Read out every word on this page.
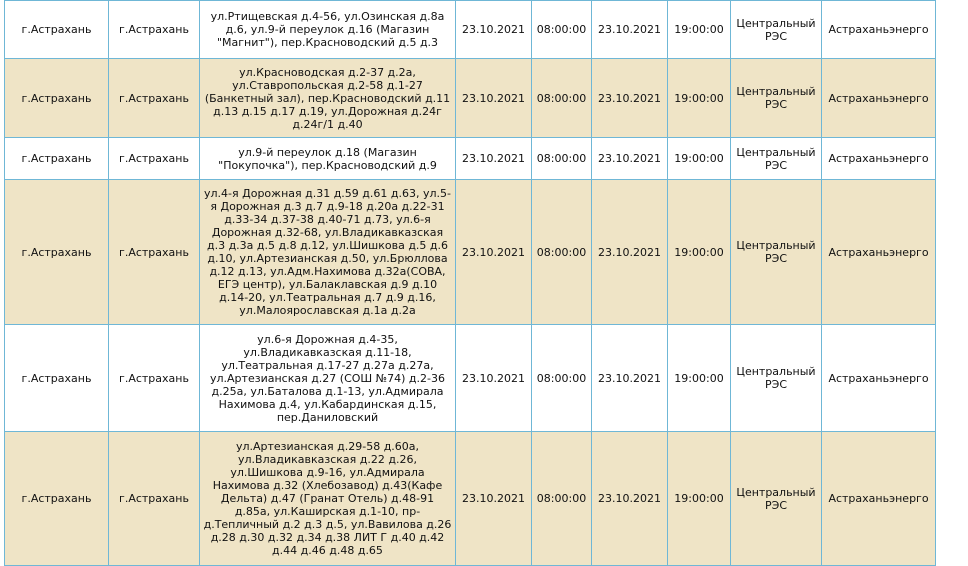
г.Астрахань	г.Астрахань	ул.Ртищевская д.4-56, ул.Озинская д.8а д.6, ул.9-й переулок д.16 (Магазин "Магнит"), пер.Красноводский д.5 д.3	23.10.2021	08:00:00	23.10.2021	19:00:00	Центральный РЭС	Астраханьэнерго
г.Астрахань	г.Астрахань	ул.Красноводская д.2-37 д.2а, ул.Ставропольская д.2-58 д.1-27 (Банкетный зал), пер.Красноводский д.11 д.13 д.15 д.17 д.19, ул.Дорожная д.24г д.24г/1 д.40	23.10.2021	08:00:00	23.10.2021	19:00:00	Центральный РЭС	Астраханьэнерго
г.Астрахань	г.Астрахань	ул.9-й переулок д.18 (Магазин "Покупочка"), пер.Красноводский д.9	23.10.2021	08:00:00	23.10.2021	19:00:00	Центральный РЭС	Астраханьэнерго
г.Астрахань	г.Астрахань	ул.4-я Дорожная д.31 д.59 д.61 д.63, ул.5-я Дорожная д.3 д.7 д.9-18 д.20а д.22-31 д.33-34 д.37-38 д.40-71 д.73, ул.6-я Дорожная д.32-68, ул.Владикавказская д.3 д.3а д.5 д.8 д.12, ул.Шишкова д.5 д.6 д.10, ул.Артезианская д.50, ул.Брюллова д.12 д.13, ул.Адм.Нахимова д.32а(СОВА, ЕГЭ центр), ул.Балаклавская д.9 д.10 д.14-20, ул.Театральная д.7 д.9 д.16, ул.Малоярославская д.1а д.2а	23.10.2021	08:00:00	23.10.2021	19:00:00	Центральный РЭС	Астраханьэнерго
г.Астрахань	г.Астрахань	ул.6-я Дорожная д.4-35, ул.Владикавказская д.11-18, ул.Театральная д.17-27 д.27а д.27а, ул.Артезианская д.27 (СОШ №74) д.2-36 д.25а, ул.Баталова д.1-13, ул.Адмирала Нахимова д.4, ул.Кабардинская д.15, пер.Даниловский	23.10.2021	08:00:00	23.10.2021	19:00:00	Центральный РЭС	Астраханьэнерго
г.Астрахань	г.Астрахань	ул.Артезианская д.29-58 д.60а, ул.Владикавказская д.22 д.26, ул.Шишкова д.9-16, ул.Адмирала Нахимова д.32 (Хлебозавод) д.43(Кафе Дельта) д.47 (Гранат Отель) д.48-91 д.85а, ул.Каширская д.1-10, пр-д.Тепличный д.2 д.3 д.5, ул.Вавилова д.26 д.28 д.30 д.32 д.34 д.38 ЛИТ Г д.40 д.42 д.44 д.46 д.48 д.65	23.10.2021	08:00:00	23.10.2021	19:00:00	Центральный РЭС	Астраханьэнерго
